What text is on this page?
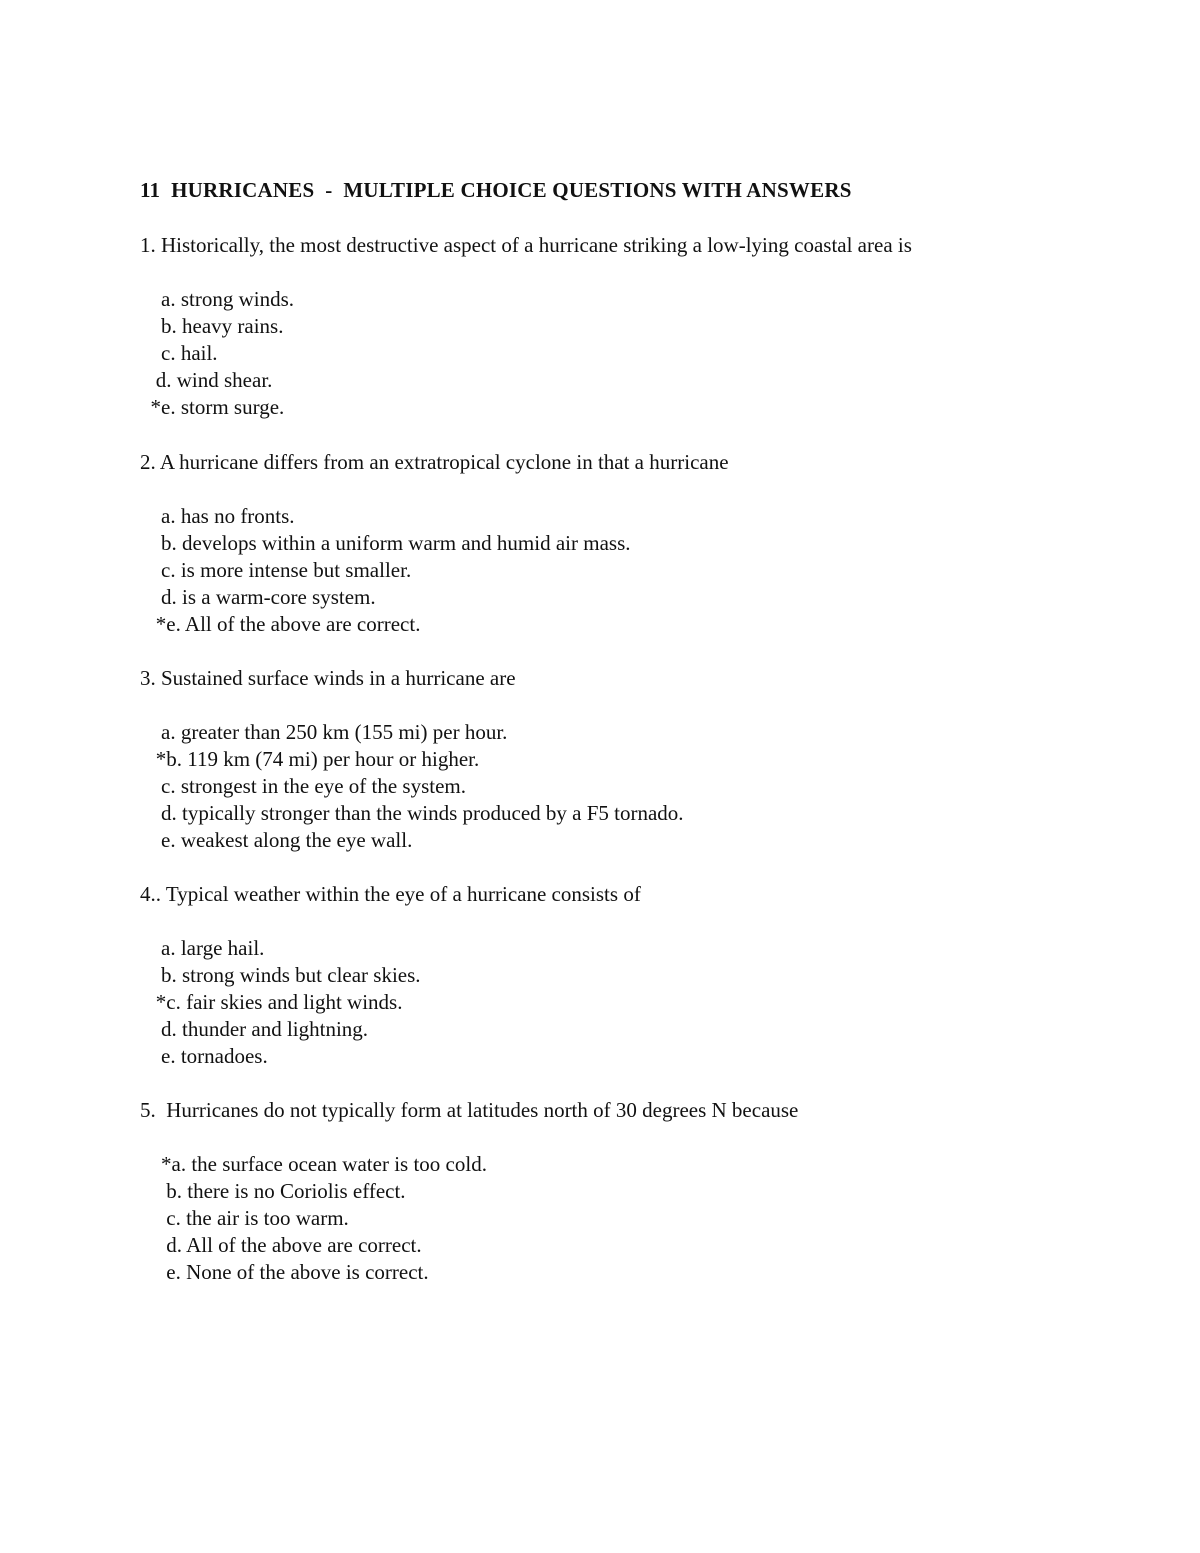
11  HURRICANES  -  MULTIPLE CHOICE QUESTIONS WITH ANSWERS
1. Historically, the most destructive aspect of a hurricane striking a low-lying coastal area is
a. strong winds.
b. heavy rains.
c. hail.
d. wind shear.
*e. storm surge.
2. A hurricane differs from an extratropical cyclone in that a hurricane
a. has no fronts.
b. develops within a uniform warm and humid air mass.
c. is more intense but smaller.
d. is a warm-core system.
*e. All of the above are correct.
3. Sustained surface winds in a hurricane are
a. greater than 250 km (155 mi) per hour.
*b. 119 km (74 mi) per hour or higher.
c. strongest in the eye of the system.
d. typically stronger than the winds produced by a F5 tornado.
e. weakest along the eye wall.
4.. Typical weather within the eye of a hurricane consists of
a. large hail.
b. strong winds but clear skies.
*c. fair skies and light winds.
d. thunder and lightning.
e. tornadoes.
5.  Hurricanes do not typically form at latitudes north of 30 degrees N because
*a. the surface ocean water is too cold.
b. there is no Coriolis effect.
c. the air is too warm.
d. All of the above are correct.
e. None of the above is correct.
